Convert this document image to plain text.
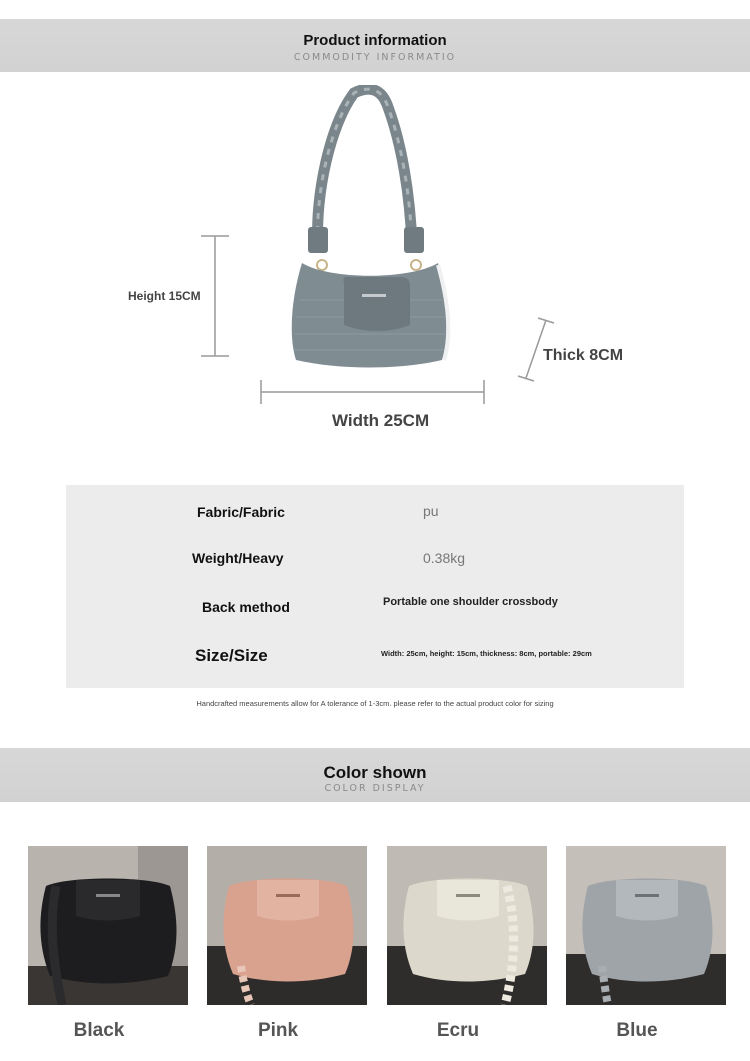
Product information
COMMODITY INFORMATIO
Height 15CM
Width 25CM
Thick 8CM
Fabric/Fabric	pu
Weight/Heavy	0.38kg
Back method	Portable one shoulder crossbody
Size/Size	Width: 25cm, height: 15cm, thickness: 8cm, portable: 29cm
Handcrafted measurements allow for A tolerance of 1-3cm. please refer to the actual product color for sizing
Color shown
COLOR DISPLAY
Black	Pink	Ecru	Blue
